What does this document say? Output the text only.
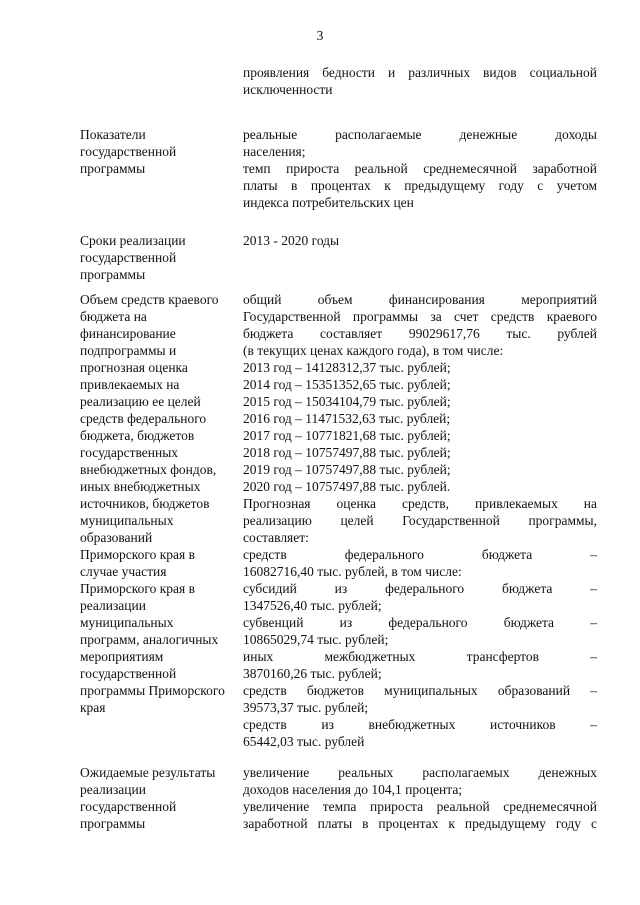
3
проявления бедности и различных видов социальной
исключенности
Показатели
государственной
программы
реальные располагаемые денежные доходы
населения;
темп прироста реальной среднемесячной заработной
платы в процентах к предыдущему году с учетом
индекса потребительских цен
Сроки реализации
государственной
программы
2013 - 2020 годы
Объем средств краевого
бюджета на
финансирование
подпрограммы и
прогнозная оценка
привлекаемых на
реализацию ее целей
средств федерального
бюджета, бюджетов
государственных
внебюджетных фондов,
иных внебюджетных
источников, бюджетов
муниципальных
образований
Приморского края в
случае участия
Приморского края в
реализации
муниципальных
программ, аналогичных
мероприятиям
государственной
программы Приморского
края
общий объем финансирования мероприятий
Государственной программы за счет средств краевого
бюджета составляет 99029617,76 тыс. рублей
(в текущих ценах каждого года), в том числе:
2013 год – 14128312,37 тыс. рублей;
2014 год – 15351352,65 тыс. рублей;
2015 год – 15034104,79 тыс. рублей;
2016 год – 11471532,63 тыс. рублей;
2017 год – 10771821,68 тыс. рублей;
2018 год – 10757497,88 тыс. рублей;
2019 год – 10757497,88 тыс. рублей;
2020 год – 10757497,88 тыс. рублей.
Прогнозная оценка средств, привлекаемых на
реализацию целей Государственной программы,
составляет:
средств федерального бюджета –
16082716,40 тыс. рублей, в том числе:
субсидий из федерального бюджета –
1347526,40 тыс. рублей;
субвенций из федерального бюджета –
10865029,74 тыс. рублей;
иных межбюджетных трансфертов –
3870160,26 тыс. рублей;
средств бюджетов муниципальных образований –
39573,37 тыс. рублей;
средств из внебюджетных источников –
65442,03 тыс. рублей
Ожидаемые результаты
реализации
государственной
программы
увеличение реальных располагаемых денежных
доходов населения до 104,1 процента;
увеличение темпа прироста реальной среднемесячной
заработной платы в процентах к предыдущему году с
